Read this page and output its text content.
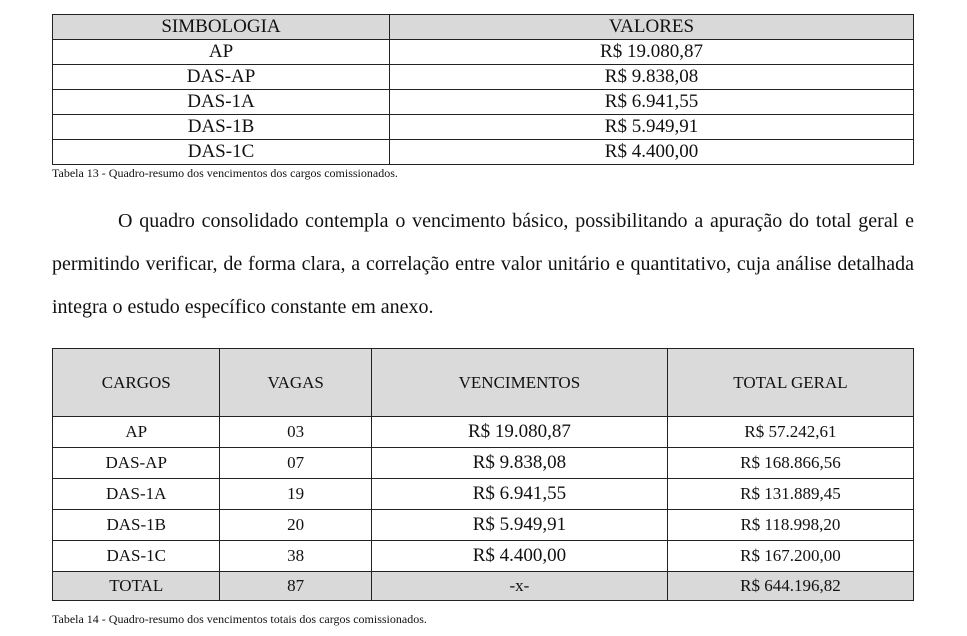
SIMBOLOGIA	VALORES
AP	R$ 19.080,87
DAS-AP	R$ 9.838,08
DAS-1A	R$ 6.941,55
DAS-1B	R$ 5.949,91
DAS-1C	R$ 4.400,00
Tabela 13 - Quadro-resumo dos vencimentos dos cargos comissionados.

O quadro consolidado contempla o vencimento básico, possibilitando a apuração do total geral e permitindo verificar, de forma clara, a correlação entre valor unitário e quantitativo, cuja análise detalhada integra o estudo específico constante em anexo.

CARGOS	VAGAS	VENCIMENTOS	TOTAL GERAL
AP	03	R$ 19.080,87	R$ 57.242,61
DAS-AP	07	R$ 9.838,08	R$ 168.866,56
DAS-1A	19	R$ 6.941,55	R$ 131.889,45
DAS-1B	20	R$ 5.949,91	R$ 118.998,20
DAS-1C	38	R$ 4.400,00	R$ 167.200,00
TOTAL	87	-x-	R$ 644.196,82
Tabela 14 - Quadro-resumo dos vencimentos totais dos cargos comissionados.
